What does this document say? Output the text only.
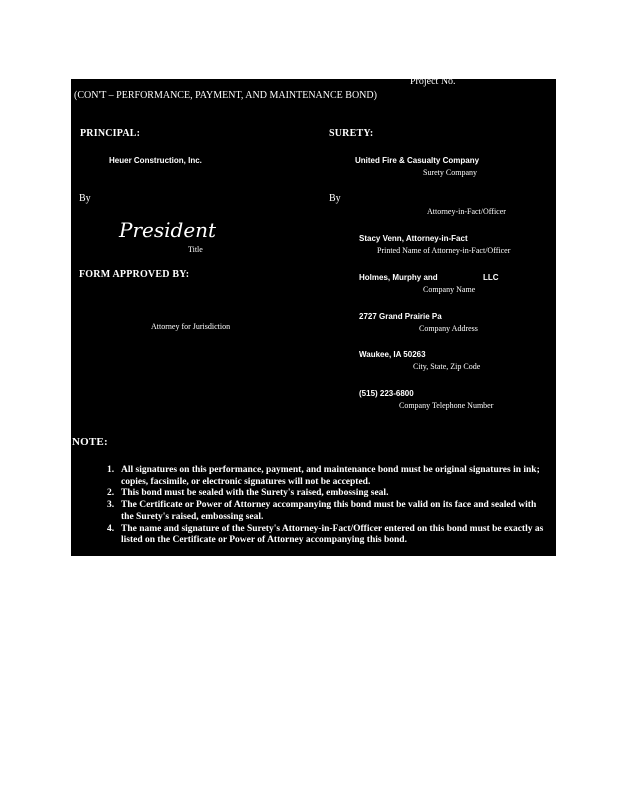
Project No.
(CON'T – PERFORMANCE, PAYMENT, AND MAINTENANCE BOND)
PRINCIPAL:
Heuer Construction, Inc.
By
President
Title
FORM APPROVED BY:
Attorney for Jurisdiction
SURETY:
United Fire & Casualty Company
Surety Company
By
Attorney-in-Fact/Officer
Stacy Venn, Attorney-in-Fact
Printed Name of Attorney-in-Fact/Officer
Holmes, Murphy and	LLC
Company Name
2727 Grand Prairie Pa
Company Address
Waukee, IA 50263
City, State, Zip Code
(515) 223-6800
Company Telephone Number
NOTE:
1. All signatures on this performance, payment, and maintenance bond must be original signatures in ink; copies, facsimile, or electronic signatures will not be accepted.
2. This bond must be sealed with the Surety's raised, embossing seal.
3. The Certificate or Power of Attorney accompanying this bond must be valid on its face and sealed with the Surety's raised, embossing seal.
4. The name and signature of the Surety's Attorney-in-Fact/Officer entered on this bond must be exactly as listed on the Certificate or Power of Attorney accompanying this bond.
